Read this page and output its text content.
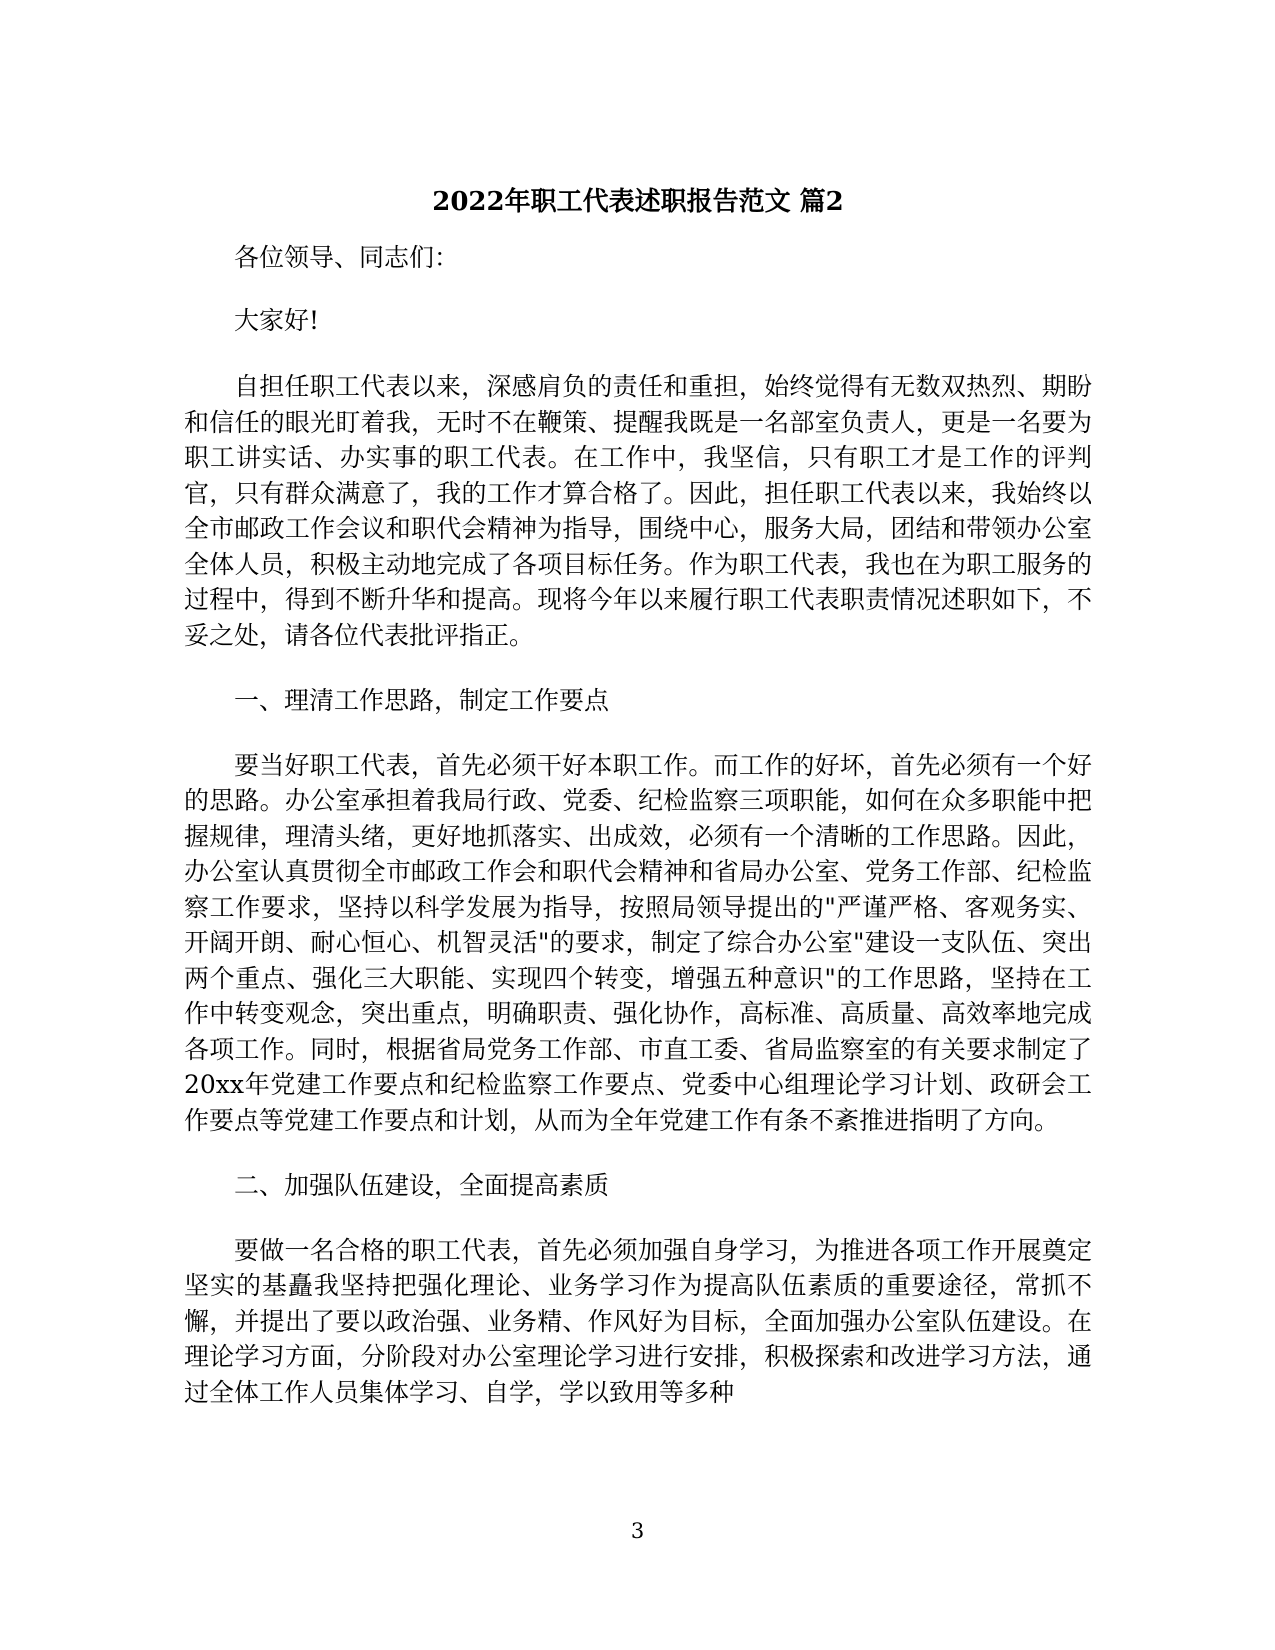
2022年职工代表述职报告范文 篇2

各位领导、同志们：

大家好!

自担任职工代表以来，深感肩负的责任和重担，始终觉得有无数双热烈、期盼和信任的眼光盯着我，无时不在鞭策、提醒我既是一名部室负责人，更是一名要为职工讲实话、办实事的职工代表。在工作中，我坚信，只有职工才是工作的评判官，只有群众满意了，我的工作才算合格了。因此，担任职工代表以来，我始终以全市邮政工作会议和职代会精神为指导，围绕中心，服务大局，团结和带领办公室全体人员，积极主动地完成了各项目标任务。作为职工代表，我也在为职工服务的过程中，得到不断升华和提高。现将今年以来履行职工代表职责情况述职如下，不妥之处，请各位代表批评指正。

一、理清工作思路，制定工作要点

要当好职工代表，首先必须干好本职工作。而工作的好坏，首先必须有一个好的思路。办公室承担着我局行政、党委、纪检监察三项职能，如何在众多职能中把握规律，理清头绪，更好地抓落实、出成效，必须有一个清晰的工作思路。因此，办公室认真贯彻全市邮政工作会和职代会精神和省局办公室、党务工作部、纪检监察工作要求，坚持以科学发展为指导，按照局领导提出的"严谨严格、客观务实、开阔开朗、耐心恒心、机智灵活"的要求，制定了综合办公室"建设一支队伍、突出两个重点、强化三大职能、实现四个转变，增强五种意识"的工作思路，坚持在工作中转变观念，突出重点，明确职责、强化协作，高标准、高质量、高效率地完成各项工作。同时，根据省局党务工作部、市直工委、省局监察室的有关要求制定了20xx年党建工作要点和纪检监察工作要点、党委中心组理论学习计划、政研会工作要点等党建工作要点和计划，从而为全年党建工作有条不紊推进指明了方向。

二、加强队伍建设，全面提高素质

要做一名合格的职工代表，首先必须加强自身学习，为推进各项工作开展奠定坚实的基矗我坚持把强化理论、业务学习作为提高队伍素质的重要途径，常抓不懈，并提出了要以政治强、业务精、作风好为目标，全面加强办公室队伍建设。在理论学习方面，分阶段对办公室理论学习进行安排，积极探索和改进学习方法，通过全体工作人员集体学习、自学，学以致用等多种

3
